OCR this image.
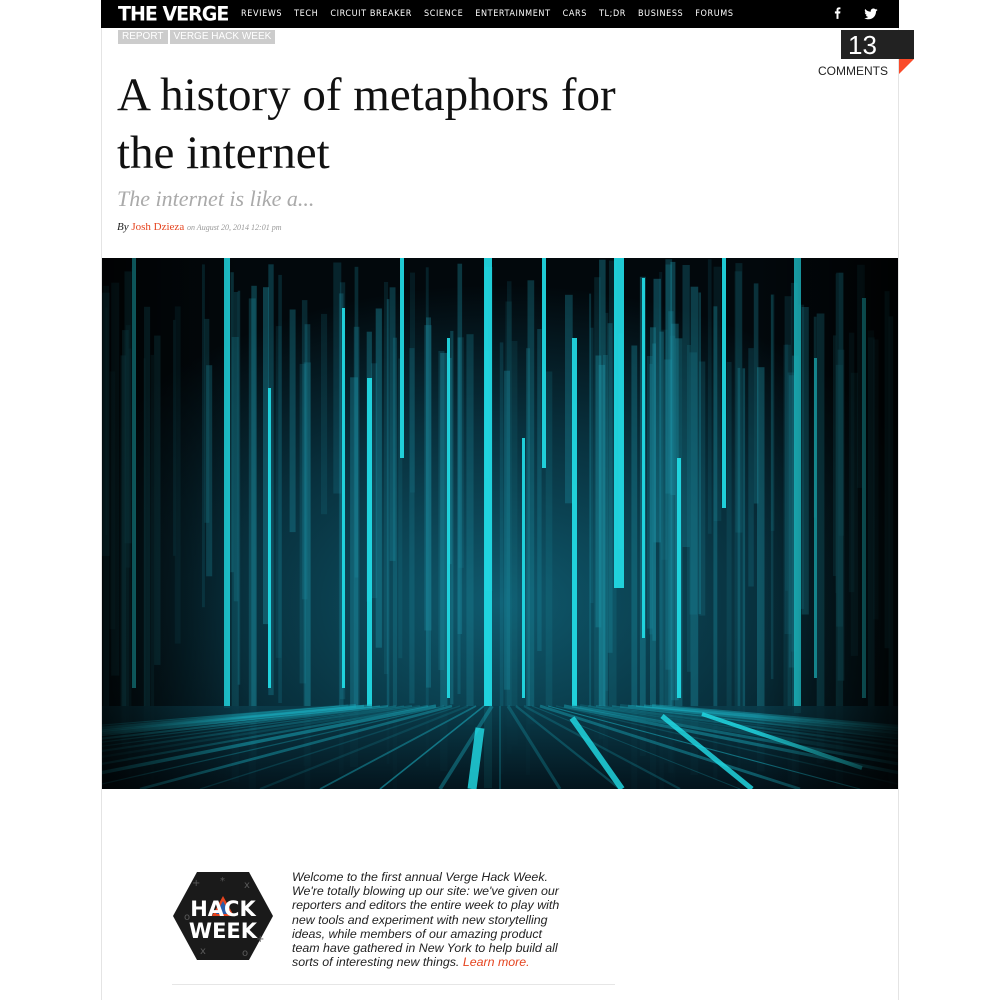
THE VERGE REVIEWS TECH CIRCUIT BREAKER SCIENCE ENTERTAINMENT CARS TL;DR BUSINESS FORUMS
REPORT	VERGE HACK WEEK	13
COMMENTS
A history of metaphors for the internet
The internet is like a...
By Josh Dzieza on August 20, 2014 12:01 pm
+ * x
o
+
x	o
HACK
WEEK

Welcome to the first annual Verge Hack Week. We're totally blowing up our site: we've given our reporters and editors the entire week to play with new tools and experiment with new storytelling ideas, while members of our amazing product team have gathered in New York to help build all sorts of interesting new things. Learn more.
